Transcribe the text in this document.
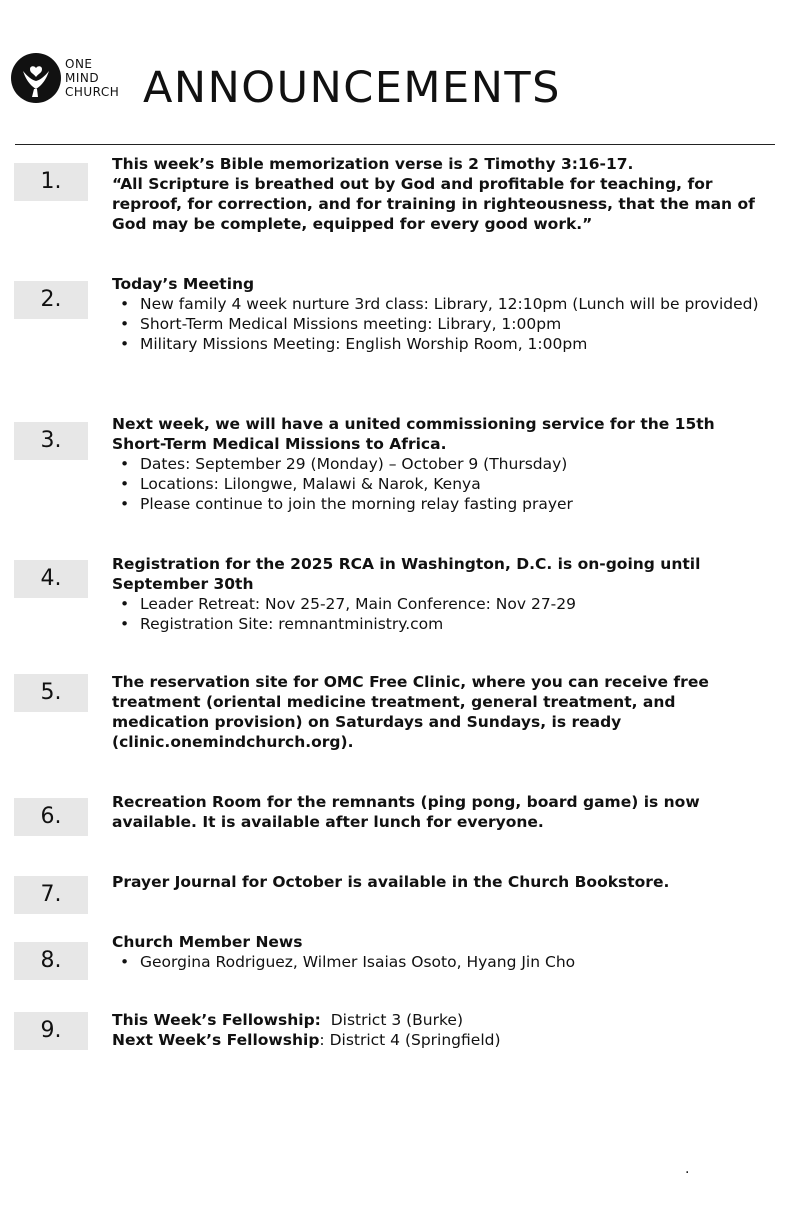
ONE
MIND
CHURCH ANNOUNCEMENTS
1.
This week’s Bible memorization verse is 2 Timothy 3:16-17.
“All Scripture is breathed out by God and profitable for teaching, for reproof, for correction, and for training in righteousness, that the man of God may be complete, equipped for every good work.”
2.
Today’s Meeting
• New family 4 week nurture 3rd class: Library, 12:10pm (Lunch will be provided)
• Short-Term Medical Missions meeting: Library, 1:00pm
• Military Missions Meeting: English Worship Room, 1:00pm
3.
Next week, we will have a united commissioning service for the 15th Short-Term Medical Missions to Africa.
• Dates: September 29 (Monday) – October 9 (Thursday)
• Locations: Lilongwe, Malawi & Narok, Kenya
• Please continue to join the morning relay fasting prayer
4.
Registration for the 2025 RCA in Washington, D.C. is on-going until September 30th
• Leader Retreat: Nov 25-27, Main Conference: Nov 27-29
• Registration Site: remnantministry.com
5.	The reservation site for OMC Free Clinic, where you can receive free treatment (oriental medicine treatment, general treatment, and medication provision) on Saturdays and Sundays, is ready (clinic.onemindchurch.org).
6.
Recreation Room for the remnants (ping pong, board game) is now available. It is available after lunch for everyone.
7.	Prayer Journal for October is available in the Church Bookstore.
8.
Church Member News
• Georgina Rodriguez, Wilmer Isaias Osoto, Hyang Jin Cho
9.	This Week’s Fellowship: District 3 (Burke)
Next Week’s Fellowship: District 4 (Springfield)
.
